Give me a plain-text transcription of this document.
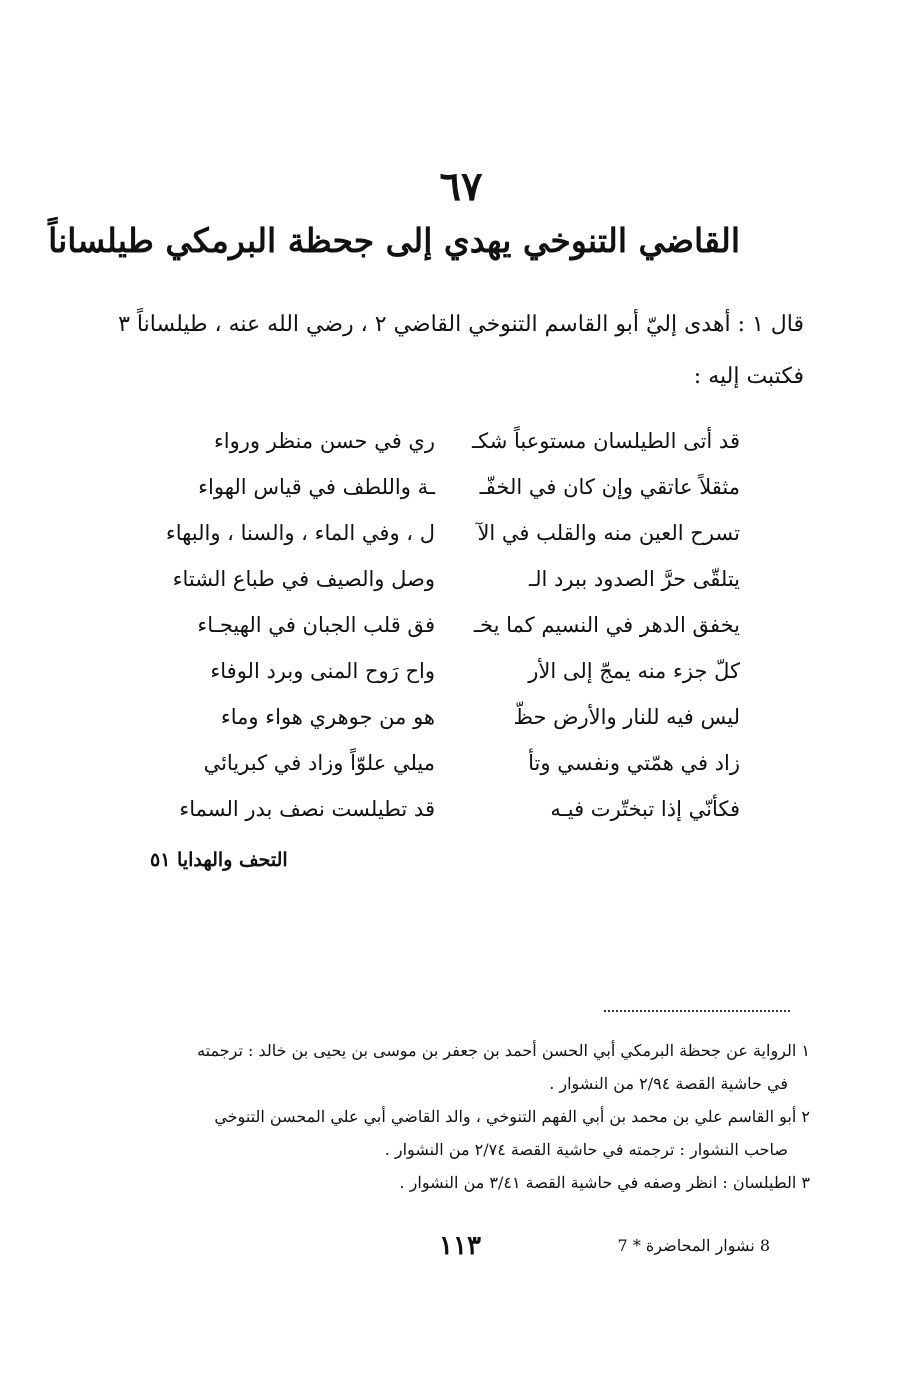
٦٧
القاضي التنوخي يهدي إلى جحظة البرمكي طيلساناً
قال ١ : أهدى إليّ أبو القاسم التنوخي القاضي ٢ ، رضي الله عنه ، طيلساناً ٣
فكتبت إليه :
قد أتى الطيلسان مستوعباً شكـ
ري في حسن منظر ورواء
مثقلاً عاتقي وإن كان في الخفّـ
ـة واللطف في قياس الهواء
تسرح العين منه والقلب في الآ
ل ، وفي الماء ، والسنا ، والبهاء
يتلقّى حرَّ الصدود ببرد الـ
وصل والصيف في طباع الشتاء
يخفق الدهر في النسيم كما يخـ
فق قلب الجبان في الهيجـاء
كلّ جزء منه يمجّ إلى الأر
واح رَوح المنى وبرد الوفاء
ليس فيه للنار والأرض حظّ
هو من جوهري هواء وماء
زاد في همّتي ونفسي وتأ
ميلي علوّاً وزاد في كبريائي
فكأنّي إذا تبختّرت فيـه
قد تطيلست نصف بدر السماء
التحف والهدايا ٥١
١ الرواية عن جحظة البرمكي أبي الحسن أحمد بن جعفر بن موسى بن يحيى بن خالد : ترجمته
في حاشية القصة ٢/٩٤ من النشوار .
٢ أبو القاسم علي بن محمد بن أبي الفهم التنوخي ، والد القاضي أبي علي المحسن التنوخي
صاحب النشوار : ترجمته في حاشية القصة ٢/٧٤ من النشوار .
٣ الطيلسان : انظر وصفه في حاشية القصة ٣/٤١ من النشوار .
١١٣	8 نشوار المحاضرة * 7
